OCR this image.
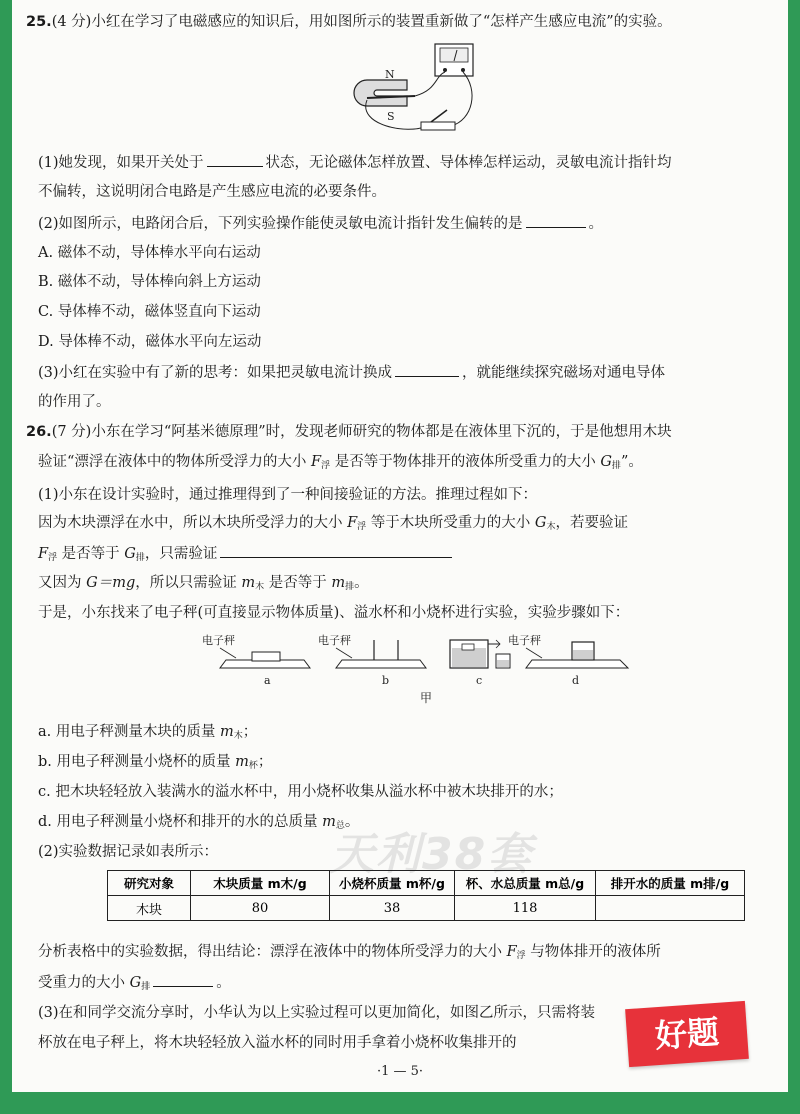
25.(4 分)小红在学习了电磁感应的知识后，用如图所示的装置重新做了“怎样产生感应电流”的实验。
N
S
(1)她发现，如果开关处于	状态，无论磁体怎样放置、导体棒怎样运动，灵敏电流计指针均
不偏转，这说明闭合电路是产生感应电流的必要条件。
(2)如图所示，电路闭合后，下列实验操作能使灵敏电流计指针发生偏转的是	。
A. 磁体不动，导体棒水平向右运动
B. 磁体不动，导体棒向斜上方运动
C. 导体棒不动，磁体竖直向下运动
D. 导体棒不动，磁体水平向左运动
(3)小红在实验中有了新的思考：如果把灵敏电流计换成	，就能继续探究磁场对通电导体
的作用了。
26.(7 分)小东在学习“阿基米德原理”时，发现老师研究的物体都是在液体里下沉的，于是他想用木块
验证“漂浮在液体中的物体所受浮力的大小 $F_浮$ 是否等于物体排开的液体所受重力的大小 $G_排$”。
(1)小东在设计实验时，通过推理得到了一种间接验证的方法。推理过程如下：
因为木块漂浮在水中，所以木块所受浮力的大小 $F_浮$ 等于木块所受重力的大小 $G_木$，若要验证
$F_浮$ 是否等于 $G_排$，只需验证
又因为 G＝mg，所以只需验证 $m_木$ 是否等于 $m_排$。
于是，小东找来了电子秤(可直接显示物体质量)、溢水杯和小烧杯进行实验，实验步骤如下：
电子秤	电子秤	电子秤
a	b	c	d
甲
a. 用电子秤测量木块的质量 $m_木$；
b. 用电子秤测量小烧杯的质量 $m_杯$；
c. 把木块轻轻放入装满水的溢水杯中，用小烧杯收集从溢水杯中被木块排开的水；
d. 用电子秤测量小烧杯和排开的水的总质量 $m_总$。
(2)实验数据记录如表所示：	天利38套
研究对象	木块质量 m木/g	小烧杯质量 m杯/g	杯、水总质量 m总/g	排开水的质量 m排/g
木块	80	38	118	
分析表格中的实验数据，得出结论：漂浮在液体中的物体所受浮力的大小 $F_浮$ 与物体排开的液体所
受重力的大小 $G_排$	。
(3)在和同学交流分享时，小华认为以上实验过程可以更加简化，如图乙所示，只需将装
杯放在电子秤上，将木块轻轻放入溢水杯的同时用手拿着小烧杯收集排开的	好题
·1 — 5·
